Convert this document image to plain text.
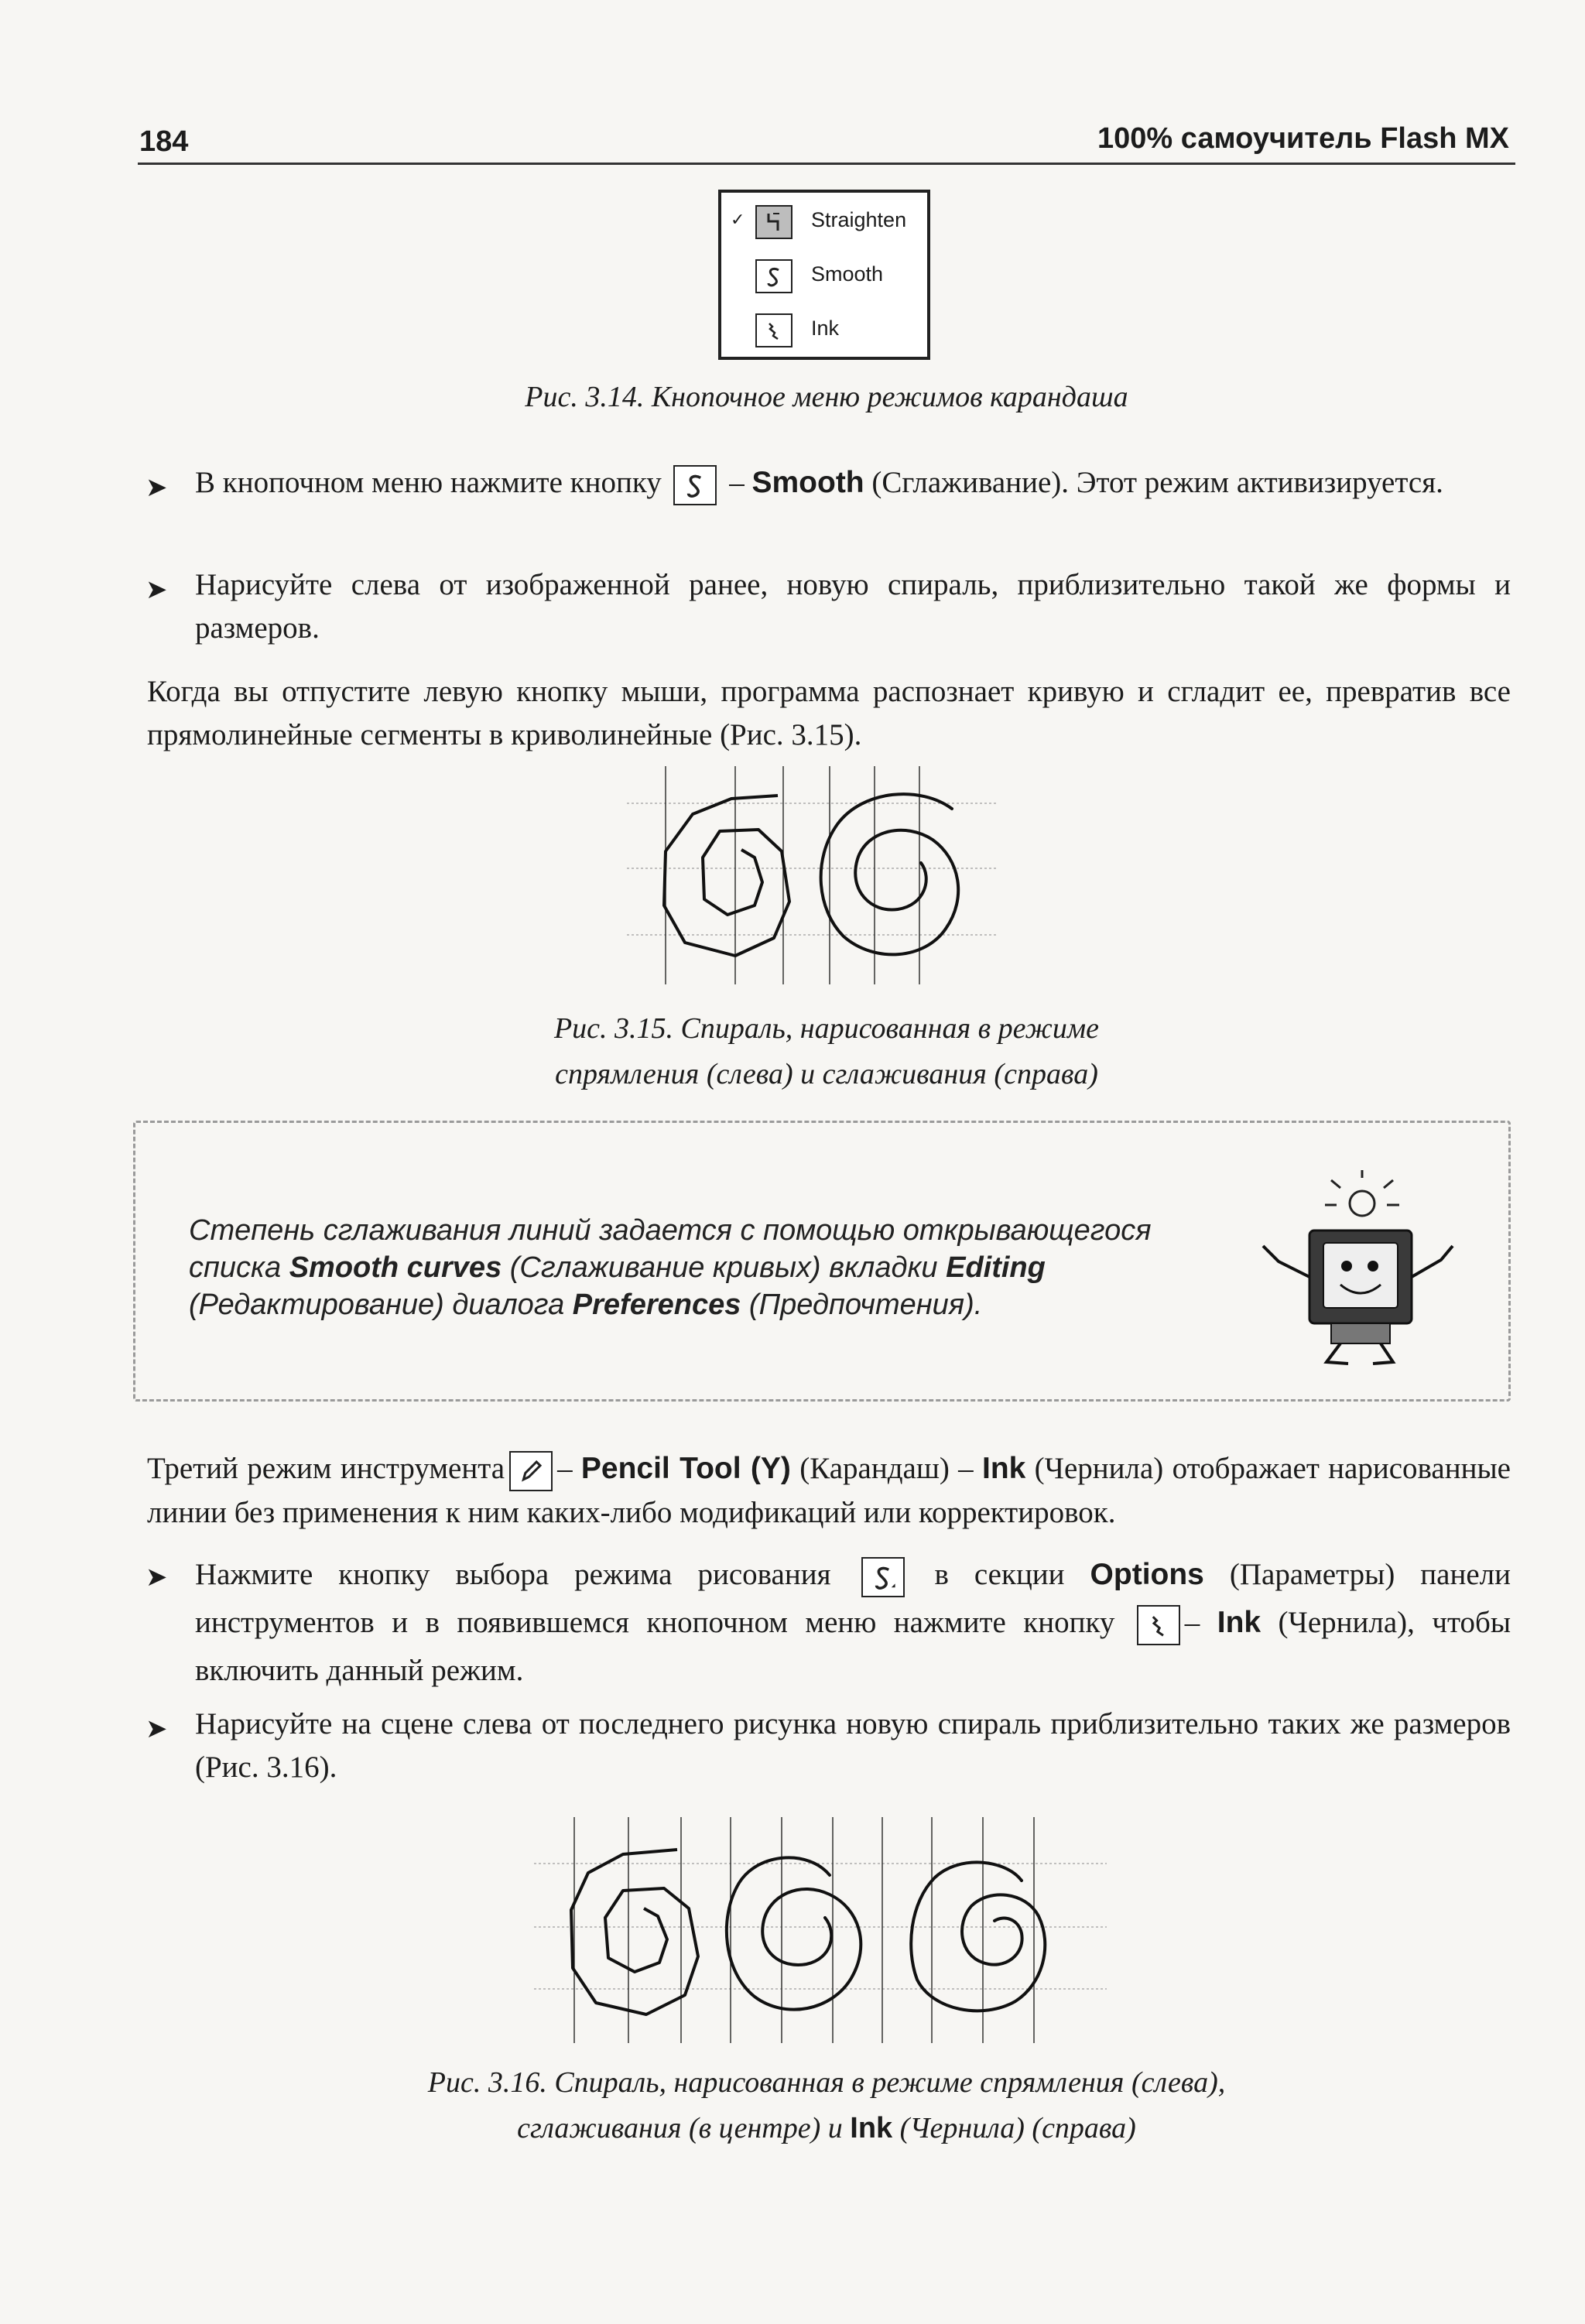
184	100% самоучитель Flash MX
✓	Straighten
Smooth
Ink
Рис. 3.14. Кнопочное меню режимов карандаша
➤ В кнопочном меню нажмите кнопку
– Smooth (Сглаживание). Этот режим активизируется.
➤ Нарисуйте слева от изображенной ранее, новую спираль, приблизительно такой же формы и размеров.
Когда вы отпустите левую кнопку мыши, программа распознает кривую и сгладит ее, превратив все прямолинейные сегменты в криволинейные (Рис. 3.15).
Рис. 3.15. Спираль, нарисованная в режиме
спрямления (слева) и сглаживания (справа)
Степень сглаживания линий задается с помощью открывающегося списка Smooth curves (Сглаживание кривых) вкладки Editing (Редактирование) диалога Preferences (Предпочтения).
Третий режим инструмента – Pencil Tool (Y) (Карандаш) – Ink (Чернила) отображает нарисованные линии без применения к ним каких-либо модификаций или корректировок.
➤ Нажмите кнопку выбора режима рисования	в секции Options (Параметры) панели инструментов и в появившемся кнопочном меню нажмите кнопку – Ink (Чернила), чтобы включить данный режим.
➤ Нарисуйте на сцене слева от последнего рисунка новую спираль приблизительно таких же размеров (Рис. 3.16).
Рис. 3.16. Спираль, нарисованная в режиме спрямления (слева),
сглаживания (в центре) и Ink (Чернила) (справа)
